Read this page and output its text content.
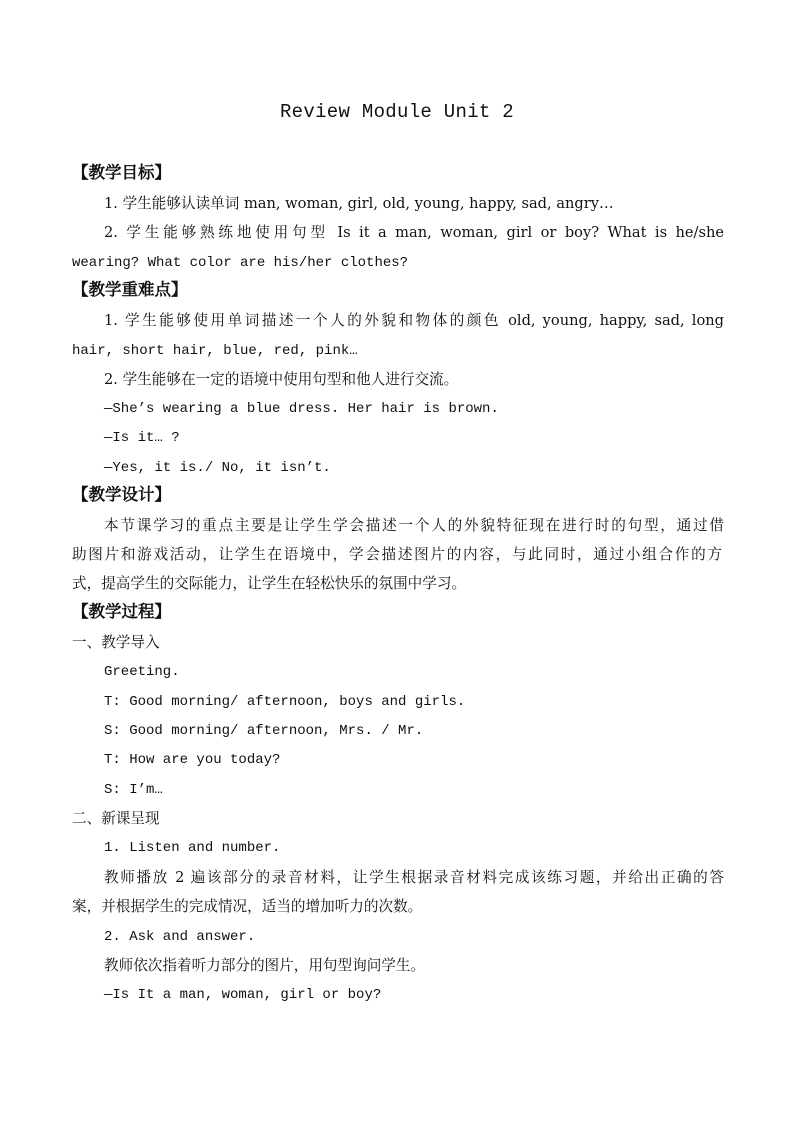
Review Module Unit 2
【教学目标】
1. 学生能够认读单词 man, woman, girl, old, young, happy, sad, angry…
2. 学生能够熟练地使用句型 Is it a man, woman, girl or boy? What is he/she
wearing? What color are his/her clothes?
【教学重难点】
1. 学生能够使用单词描述一个人的外貌和物体的颜色 old, young, happy, sad, long
hair, short hair, blue, red, pink…
2. 学生能够在一定的语境中使用句型和他人进行交流。
—She’s wearing a blue dress. Her hair is brown.
—Is it… ?
—Yes, it is./ No, it isn’t.
【教学设计】
本节课学习的重点主要是让学生学会描述一个人的外貌特征现在进行时的句型，通过借
助图片和游戏活动，让学生在语境中，学会描述图片的内容，与此同时，通过小组合作的方
式，提高学生的交际能力，让学生在轻松快乐的氛围中学习。
【教学过程】
一、教学导入
Greeting.
T: Good morning/ afternoon, boys and girls.
S: Good morning/ afternoon, Mrs. / Mr.
T: How are you today?
S: I’m…
二、新课呈现
1. Listen and number.
教师播放 2 遍该部分的录音材料，让学生根据录音材料完成该练习题，并给出正确的答
案，并根据学生的完成情况，适当的增加听力的次数。
2. Ask and answer.
教师依次指着听力部分的图片，用句型询问学生。
—Is It a man, woman, girl or boy?
